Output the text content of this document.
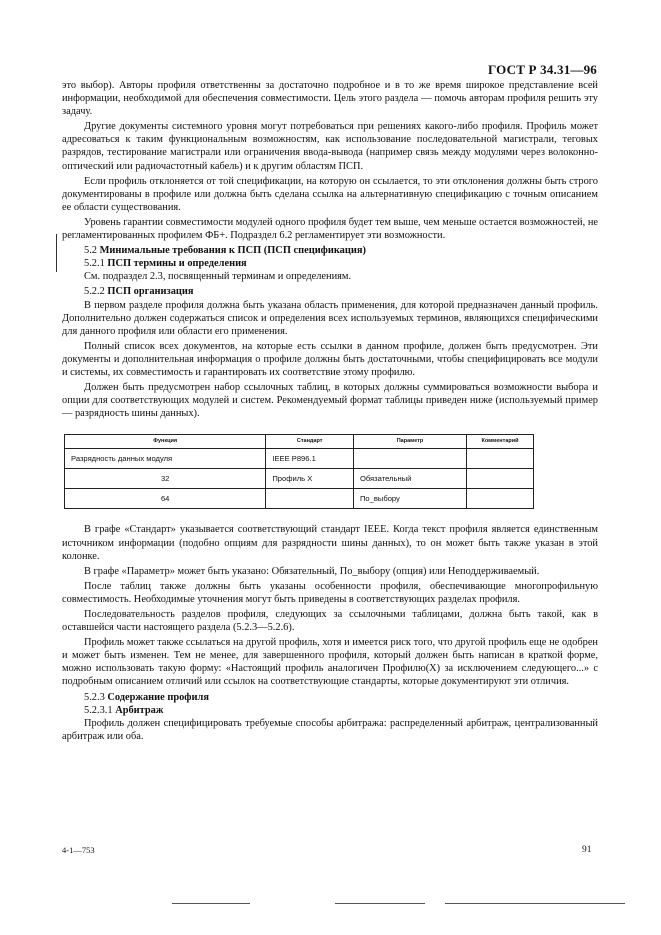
ГОСТ Р 34.31—96

это выбор). Авторы профиля ответственны за достаточно подробное и в то же время широкое представление всей информации, необходимой для обеспечения совместимости. Цель этого раздела — помочь авторам профиля решить эту задачу.

Другие документы системного уровня могут потребоваться при решениях какого-либо профиля. Профиль может адресоваться к таким функциональным возможностям, как использование последовательной магистрали, теговых разрядов, тестирование магистрали или ограничения ввода-вывода (например связь между модулями через волоконно-оптический или радиочастотный кабель) и к другим областям ПСП.

Если профиль отклоняется от той спецификации, на которую он ссылается, то эти отклонения должны быть строго документированы в профиле или должна быть сделана ссылка на альтернативную спецификацию с точным описанием ее области существования.

Уровень гарантии совместимости модулей одного профиля будет тем выше, чем меньше остается возможностей, не регламентированных профилем ФБ+. Подраздел 6.2 регламентирует эти возможности.

5.2 Минимальные требования к ПСП (ПСП спецификация)

5.2.1 ПСП термины и определения

См. подраздел 2.3, посвященный терминам и определениям.

5.2.2 ПСП организация

В первом разделе профиля должна быть указана область применения, для которой предназначен данный профиль. Дополнительно должен содержаться список и определения всех используемых терминов, являющихся специфическими для данного профиля или области его применения.

Полный список всех документов, на которые есть ссылки в данном профиле, должен быть предусмотрен. Эти документы и дополнительная информация о профиле должны быть достаточными, чтобы специфицировать все модули и системы, их совместимость и гарантировать их соответствие этому профилю.

Должен быть предусмотрен набор ссылочных таблиц, в которых должны суммироваться возможности выбора и опции для соответствующих модулей и систем. Рекомендуемый формат таблицы приведен ниже (используемый пример — разрядность шины данных).

Функция	Стандарт	Параметр	Комментарий
Разрядность данных модуля	IEEE P896.1		
32	Профиль X	Обязательный	
64		По_выбору	

В графе «Стандарт» указывается соответствующий стандарт IEEE. Когда текст профиля является единственным источником информации (подобно опциям для разрядности шины данных), то он может быть также указан в этой колонке.

В графе «Параметр» может быть указано: Обязательный, По_выбору (опция) или Неподдерживаемый.

После таблиц также должны быть указаны особенности профиля, обеспечивающие многопрофильную совместимость. Необходимые уточнения могут быть приведены в соответствующих разделах профиля.

Последовательность разделов профиля, следующих за ссылочными таблицами, должна быть такой, как в оставшейся части настоящего раздела (5.2.3—5.2.6).

Профиль может также ссылаться на другой профиль, хотя и имеется риск того, что другой профиль еще не одобрен и может быть изменен. Тем не менее, для завершенного профиля, который должен быть написан в краткой форме, можно использовать такую форму: «Настоящий профиль аналогичен Профилю(X) за исключением следующего...» с подробным описанием отличий или ссылок на соответствующие стандарты, которые документируют эти отличия.

5.2.3 Содержание профиля

5.2.3.1 Арбитраж

Профиль должен специфицировать требуемые способы арбитража: распределенный арбитраж, централизованный арбитраж или оба.

4-1—753	91
